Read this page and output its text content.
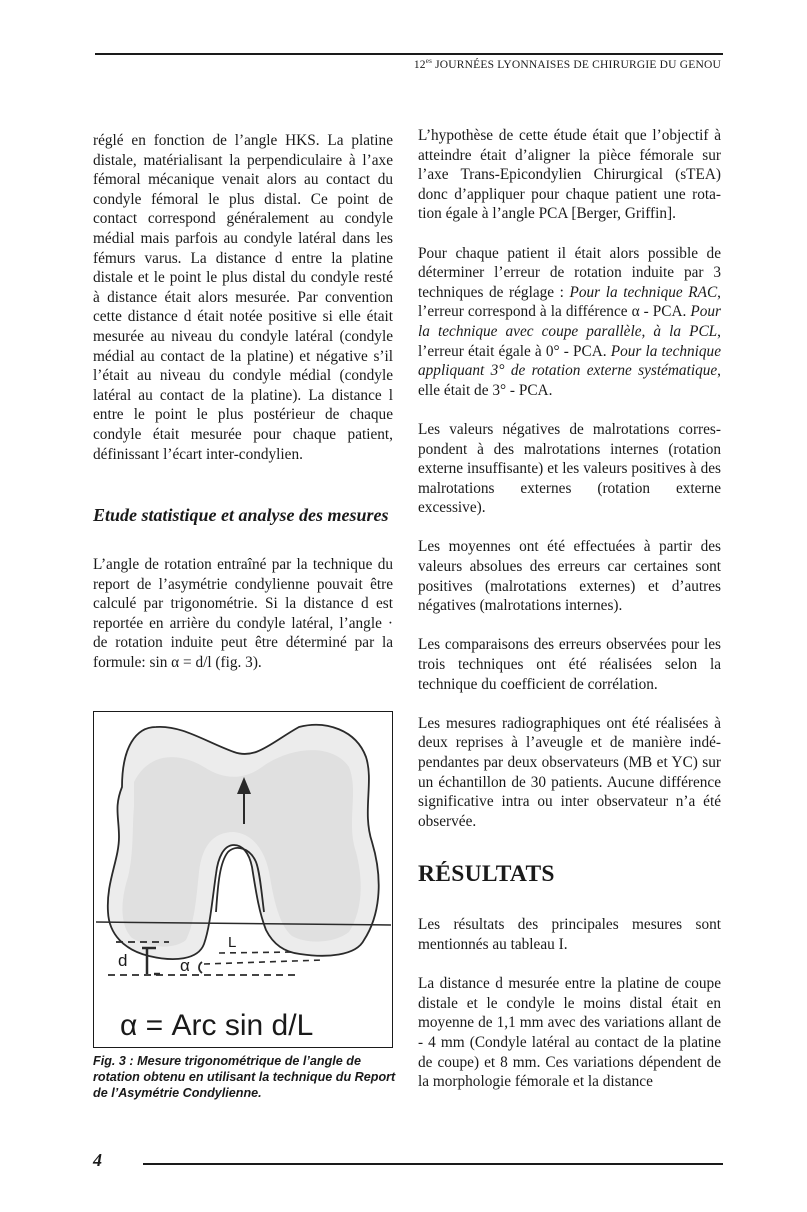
$12^{es}$ JOURNÉES LYONNAISES DE CHIRURGIE DU GENOU

réglé en fonction de l’angle HKS. La platine distale, matérialisant la perpendiculaire à l’axe fémoral mécanique venait alors au contact du condyle fémoral le plus distal. Ce point de contact correspond généralement au condyle médial mais parfois au condyle latéral dans les fémurs varus. La distance d entre la platine distale et le point le plus distal du condyle resté à distance était alors mesurée. Par convention cette distance d était notée positive si elle était mesurée au niveau du condyle latéral (condyle médial au contact de la platine) et négative s’il l’était au niveau du condyle médial (condyle latéral au contact de la platine). La distance l entre le point le plus postérieur de chaque condyle était mesurée pour chaque patient, définissant l’écart inter-condylien.

Etude statistique et analyse des mesures

L’angle de rotation entraîné par la technique du report de l’asymétrie condylienne pouvait être calculé par trigonométrie. Si la distance d est reportée en arrière du condyle latéral, l’angle · de rotation induite peut être déterminé par la formule: sin α = d/l (fig. 3).

d	α
L
α = Arc sin d/L
Fig. 3 : Mesure trigonométrique de l’angle de rotation obtenu en utilisant la technique du Report de l’Asymétrie Condylienne.

L’hypothèse de cette étude était que l’objectif à atteindre était d’aligner la pièce fémorale sur l’axe Trans-Epicondylien Chirurgical (sTEA) donc d’appliquer pour chaque patient une rotation égale à l’angle PCA [Berger, Griffin].

Pour chaque patient il était alors possible de déterminer l’erreur de rotation induite par 3 techniques de réglage : Pour la technique RAC, l’erreur correspond à la différence α - PCA. Pour la technique avec coupe parallèle, à la PCL, l’erreur était égale à 0° - PCA. Pour la technique appliquant 3° de rotation externe systématique, elle était de 3° - PCA.

Les valeurs négatives de malrotations correspondent à des malrotations internes (rotation externe insuffisante) et les valeurs positives à des malrotations externes (rotation externe excessive).

Les moyennes ont été effectuées à partir des valeurs absolues des erreurs car certaines sont positives (malrotations externes) et d’autres négatives (malrotations internes).

Les comparaisons des erreurs observées pour les trois techniques ont été réalisées selon la technique du coefficient de corrélation.

Les mesures radiographiques ont été réalisées à deux reprises à l’aveugle et de manière indépendantes par deux observateurs (MB et YC) sur un échantillon de 30 patients. Aucune différence significative intra ou inter observateur n’a été observée.

RÉSULTATS

Les résultats des principales mesures sont mentionnés au tableau I.

La distance d mesurée entre la platine de coupe distale et le condyle le moins distal était en moyenne de 1,1 mm avec des variations allant de - 4 mm (Condyle latéral au contact de la platine de coupe) et 8 mm. Ces variations dépendent de la morphologie fémorale et la distance

4
